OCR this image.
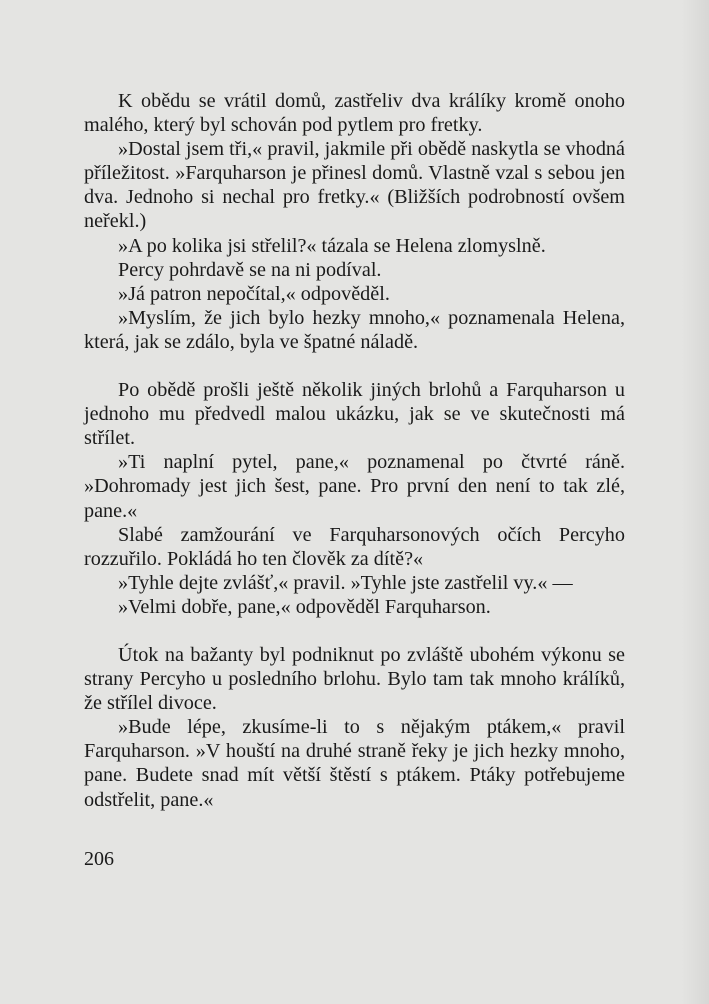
K obědu se vrátil domů, zastřeliv dva králíky kromě onoho malého, který byl schován pod pytlem pro fretky.

»Dostal jsem tři,« pravil, jakmile při obědě naskytla se vhodná příležitost. »Farquharson je přinesl domů. Vlastně vzal s sebou jen dva. Jednoho si nechal pro fretky.« (Bližších podrobností ovšem neřekl.)

»A po kolika jsi střelil?« tázala se Helena zlomyslně.

Percy pohrdavě se na ni podíval.

»Já patron nepočítal,« odpověděl.

»Myslím, že jich bylo hezky mnoho,« poznamenala Helena, která, jak se zdálo, byla ve špatné náladě.

Po obědě prošli ještě několik jiných brlohů a Farquharson u jednoho mu předvedl malou ukázku, jak se ve skutečnosti má střílet.

»Ti naplní pytel, pane,« poznamenal po čtvrté ráně. »Dohromady jest jich šest, pane. Pro první den není to tak zlé, pane.«

Slabé zamžourání ve Farquharsonových očích Percyho rozzuřilo. Pokládá ho ten člověk za dítě?«

»Tyhle dejte zvlášť,« pravil. »Tyhle jste zastřelil vy.« —

»Velmi dobře, pane,« odpověděl Farquharson.

Útok na bažanty byl podniknut po zvláště ubohém výkonu se strany Percyho u posledního brlohu. Bylo tam tak mnoho králíků, že střílel divoce.

»Bude lépe, zkusíme-li to s nějakým ptákem,« pravil Farquharson. »V houští na druhé straně řeky je jich hezky mnoho, pane. Budete snad mít větší štěstí s ptákem. Ptáky potřebujeme odstřelit, pane.«

206
